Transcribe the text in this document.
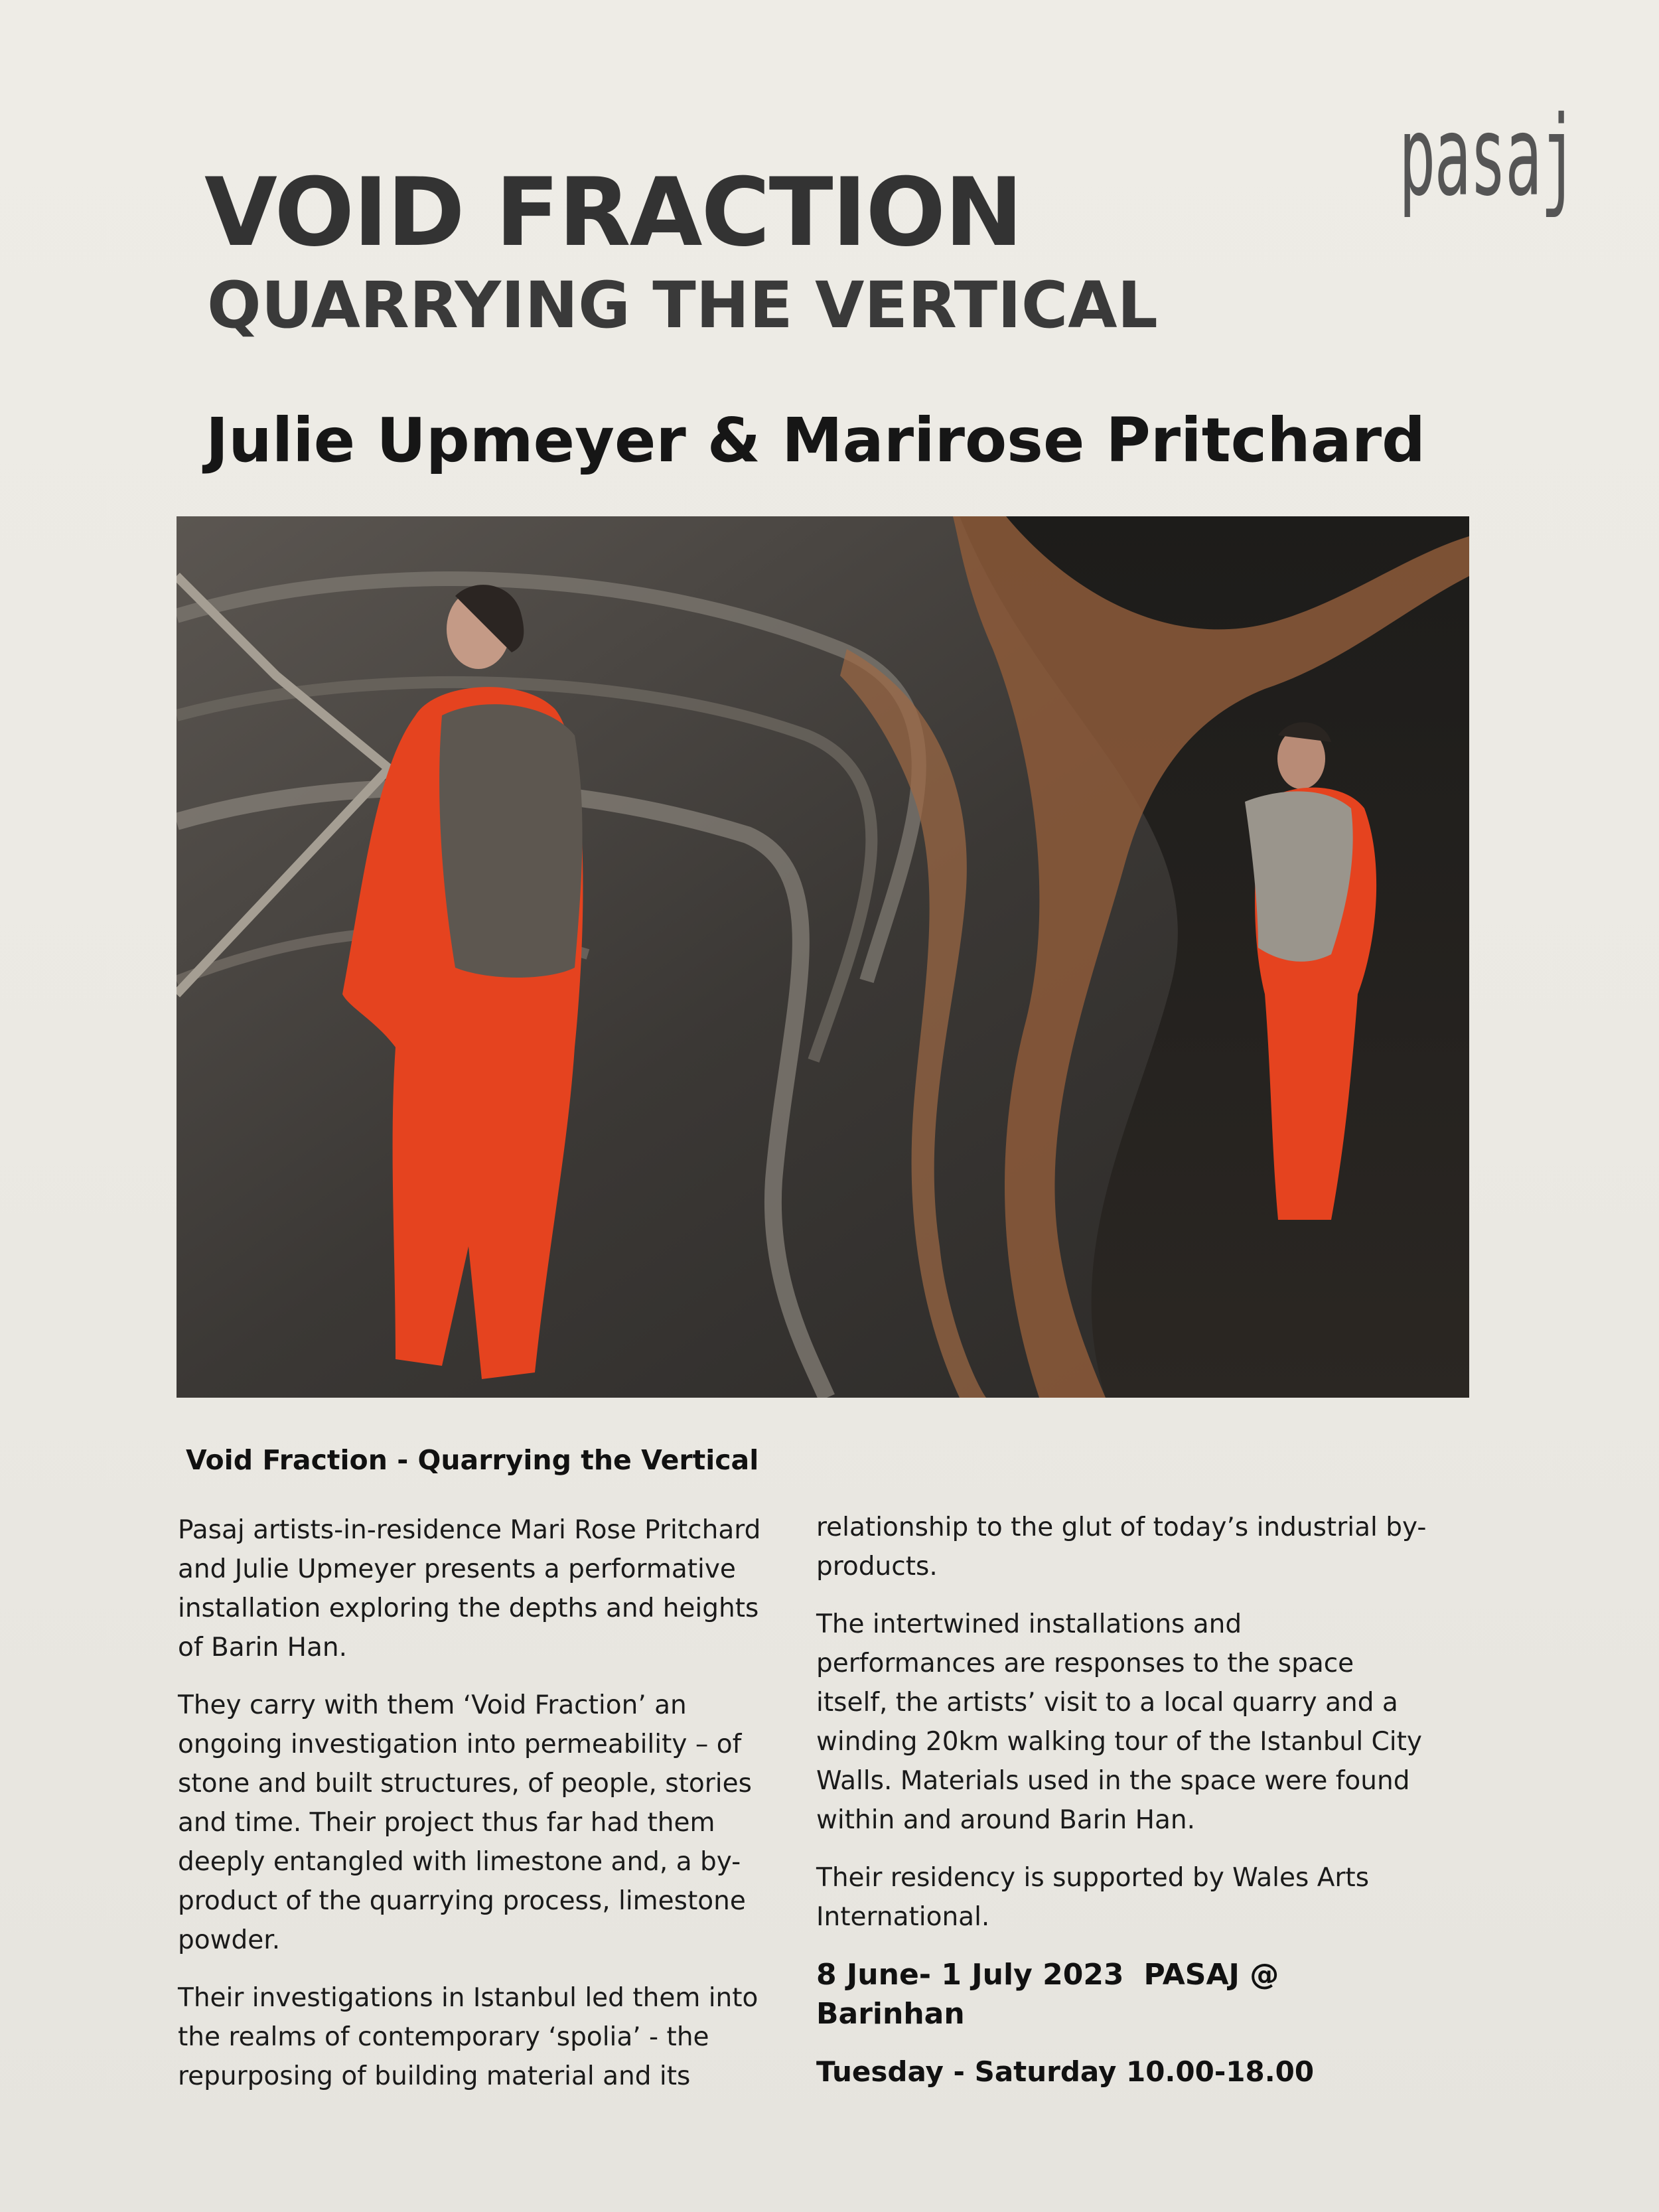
pasaj
VOID FRACTION
QUARRYING THE VERTICAL
Julie Upmeyer & Marirose Pritchard
Void Fraction - Quarrying the Vertical

Pasaj artists-in-residence Mari Rose Pritchard and Julie Upmeyer presents a performative installation exploring the depths and heights of Barin Han.

They carry with them ‘Void Fraction’ an ongoing investigation into permeability – of stone and built structures, of people, stories and time. Their project thus far had them deeply entangled with limestone and, a by-product of the quarrying process, limestone powder.

Their investigations in Istanbul led them into the realms of contemporary ‘spolia’ - the repurposing of building material and its

relationship to the glut of today’s industrial by-products.

The intertwined installations and performances are responses to the space itself, the artists’ visit to a local quarry and a winding 20km walking tour of the Istanbul City Walls. Materials used in the space were found within and around Barin Han.

Their residency is supported by Wales Arts International.

8 June- 1 July 2023 PASAJ @ Barinhan

Tuesday - Saturday 10.00-18.00
